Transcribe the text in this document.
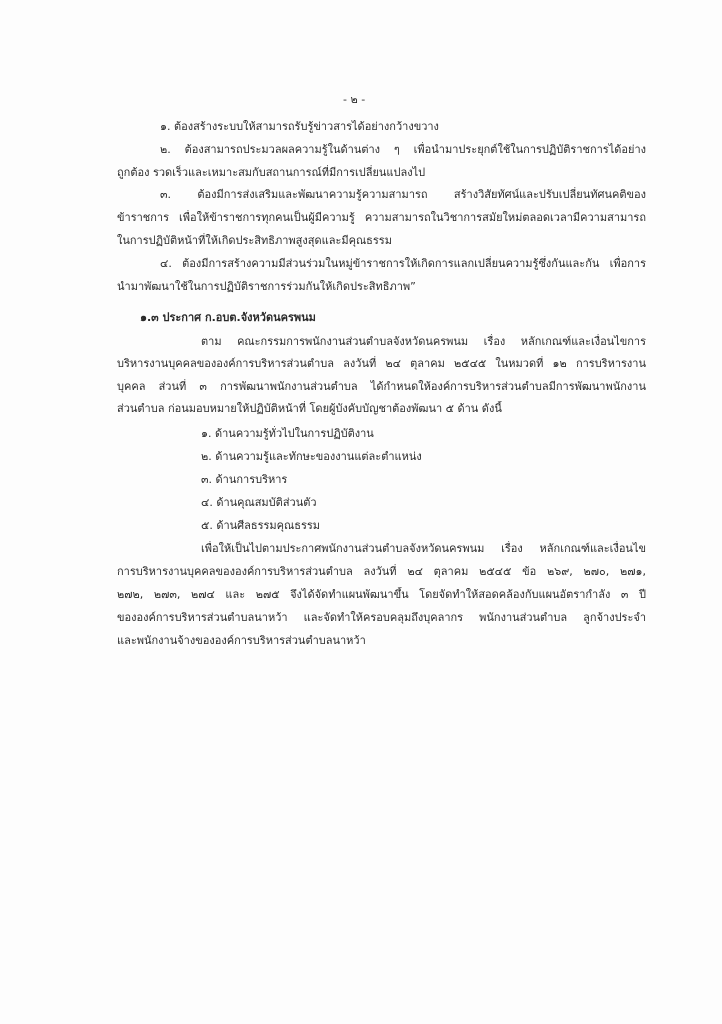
- ๒ -
๑. ต้องสร้างระบบให้สามารถรับรู้ข่าวสารได้อย่างกว้างขวาง
๒. ต้องสามารถประมวลผลความรู้ในด้านต่าง ๆ เพื่อนำมาประยุกต์ใช้ในการปฏิบัติราชการได้อย่าง
ถูกต้อง รวดเร็วและเหมาะสมกับสถานการณ์ที่มีการเปลี่ยนแปลงไป
๓. ต้องมีการส่งเสริมและพัฒนาความรู้ความสามารถ สร้างวิสัยทัศน์และปรับเปลี่ยนทัศนคติของ
ข้าราชการ เพื่อให้ข้าราชการทุกคนเป็นผู้มีความรู้ ความสามารถในวิชาการสมัยใหม่ตลอดเวลามีความสามารถ
ในการปฏิบัติหน้าที่ให้เกิดประสิทธิภาพสูงสุดและมีคุณธรรม
๔. ต้องมีการสร้างความมีส่วนร่วมในหมู่ข้าราชการให้เกิดการแลกเปลี่ยนความรู้ซึ่งกันและกัน เพื่อการ
นำมาพัฒนาใช้ในการปฏิบัติราชการร่วมกันให้เกิดประสิทธิภาพ”
๑.๓ ประกาศ ก.อบต.จังหวัดนครพนม
ตาม คณะกรรมการพนักงานส่วนตำบลจังหวัดนครพนม เรื่อง หลักเกณฑ์และเงื่อนไขการ
บริหารงานบุคคลขององค์การบริหารส่วนตำบล ลงวันที่ ๒๔ ตุลาคม ๒๕๔๕ ในหมวดที่ ๑๒ การบริหารงาน
บุคคล ส่วนที่ ๓ การพัฒนาพนักงานส่วนตำบล ได้กำหนดให้องค์การบริหารส่วนตำบลมีการพัฒนาพนักงาน
ส่วนตำบล ก่อนมอบหมายให้ปฏิบัติหน้าที่ โดยผู้บังคับบัญชาต้องพัฒนา ๕ ด้าน ดังนี้
๑. ด้านความรู้ทั่วไปในการปฏิบัติงาน
๒. ด้านความรู้และทักษะของงานแต่ละตำแหน่ง
๓. ด้านการบริหาร
๔. ด้านคุณสมบัติส่วนตัว
๕. ด้านศีลธรรมคุณธรรม
เพื่อให้เป็นไปตามประกาศพนักงานส่วนตำบลจังหวัดนครพนม เรื่อง หลักเกณฑ์และเงื่อนไข
การบริหารงานบุคคลขององค์การบริหารส่วนตำบล ลงวันที่ ๒๔ ตุลาคม ๒๕๔๕ ข้อ ๒๖๙, ๒๗๐, ๒๗๑,
๒๗๒, ๒๗๓, ๒๗๔ และ ๒๗๕ จึงได้จัดทำแผนพัฒนาขึ้น โดยจัดทำให้สอดคล้องกับแผนอัตรากำลัง ๓ ปี
ขององค์การบริหารส่วนตำบลนาหว้า และจัดทำให้ครอบคลุมถึงบุคลากร พนักงานส่วนตำบล ลูกจ้างประจำ
และพนักงานจ้างขององค์การบริหารส่วนตำบลนาหว้า
